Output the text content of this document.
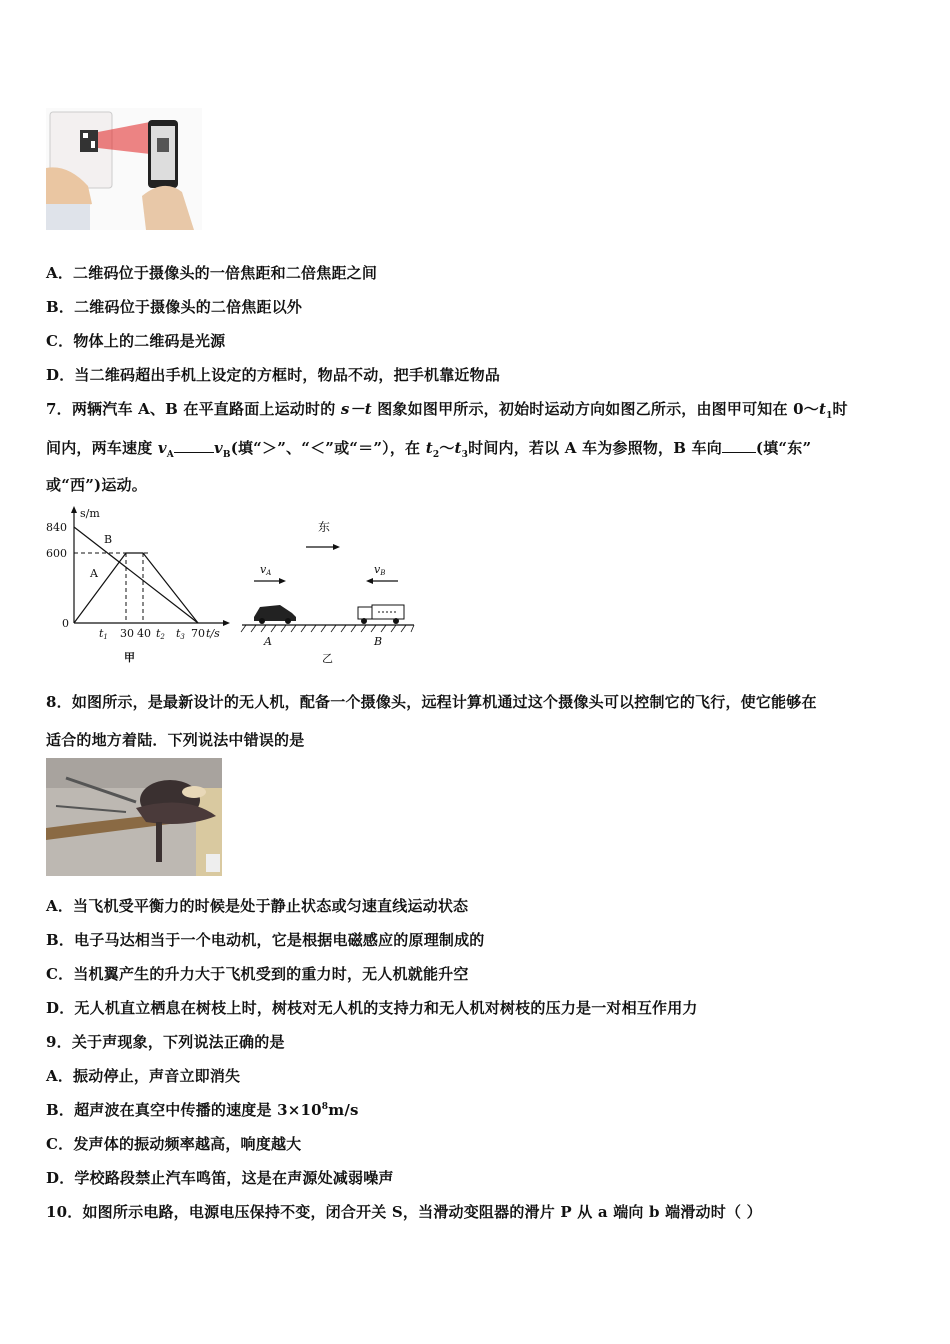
A．二维码位于摄像头的一倍焦距和二倍焦距之间
B．二维码位于摄像头的二倍焦距以外
C．物体上的二维码是光源
D．当二维码超出手机上设定的方框时，物品不动，把手机靠近物品
7．两辆汽车 A、B 在平直路面上运动时的 s－t 图象如图甲所示，初始时运动方向如图乙所示，由图甲可知在 $0\sim t_1$时
间内，两车速度 $v_A$	$v_B$(填“＞”、“＜”或“＝”），在 $t_2\sim t_3$时间内，若以 A 车为参照物，B 车向 (填“东”
或“西”)运动。
s/m
840
600
0
B
A
t1 30 40 t2 t3 70 t/s
甲
东
vA	vB
A	B
乙
8．如图所示，是最新设计的无人机，配备一个摄像头，远程计算机通过这个摄像头可以控制它的飞行，使它能够在
适合的地方着陆．下列说法中错误的是
A．当飞机受平衡力的时候是处于静止状态或匀速直线运动状态
B．电子马达相当于一个电动机，它是根据电磁感应的原理制成的
C．当机翼产生的升力大于飞机受到的重力时，无人机就能升空
D．无人机直立栖息在树枝上时，树枝对无人机的支持力和无人机对树枝的压力是一对相互作用力
9．关于声现象，下列说法正确的是
A．振动停止，声音立即消失
B．超声波在真空中传播的速度是 $3\times 10^8m/s$
C．发声体的振动频率越高，响度越大
D．学校路段禁止汽车鸣笛，这是在声源处减弱噪声
10．如图所示电路，电源电压保持不变，闭合开关 S，当滑动变阻器的滑片 P 从 a 端向 b 端滑动时（ ）
